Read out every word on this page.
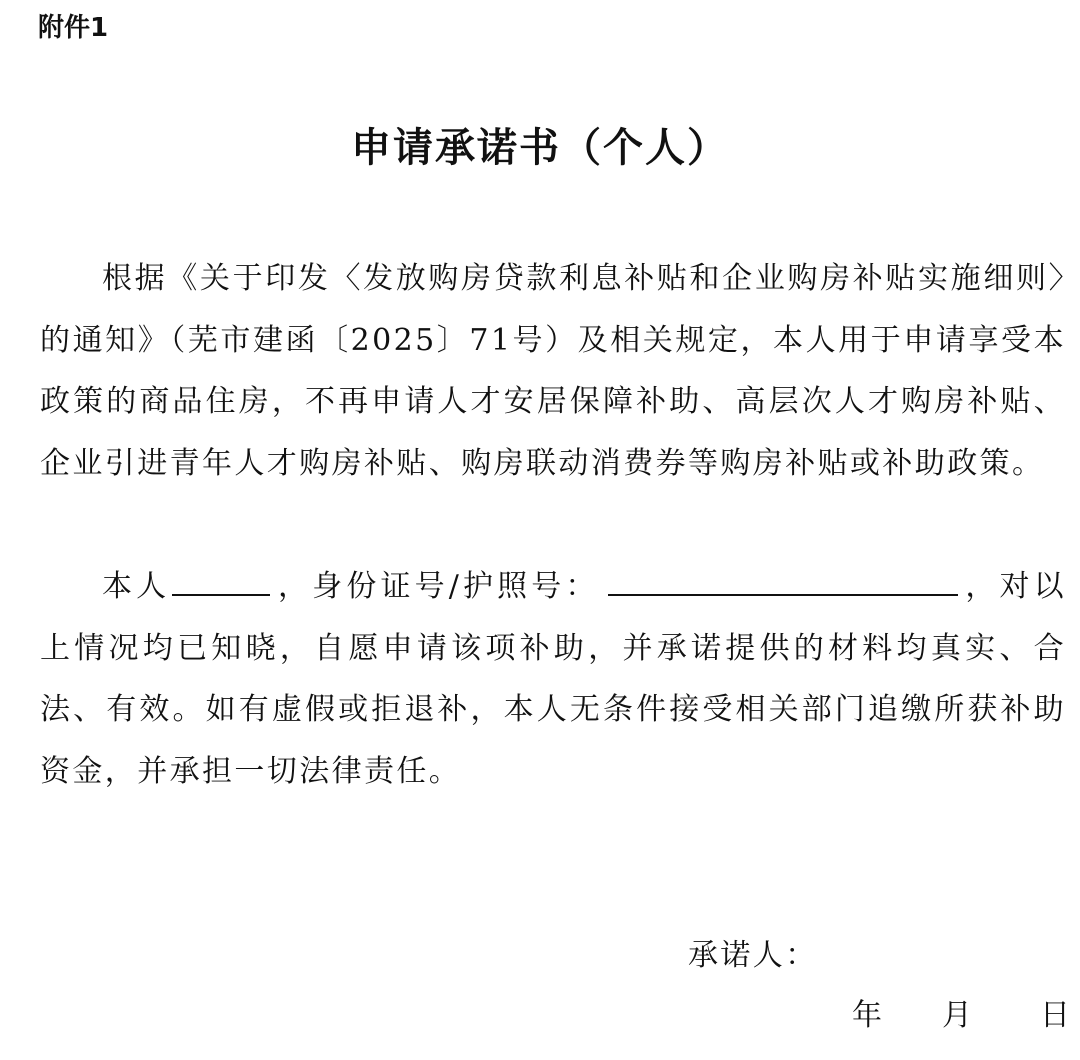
附件1
申请承诺书（个人）
根据《关于印发〈发放购房贷款利息补贴和企业购房补贴实施细则〉的通知》（芜市建函〔2025〕71号）及相关规定，本人用于申请享受本政策的商品住房，不再申请人才安居保障补助、高层次人才购房补贴、企业引进青年人才购房补贴、购房联动消费券等购房补贴或补助政策。
本人	，身份证号/护照号：	，对以上情况均已知晓，自愿申请该项补助，并承诺提供的材料均真实、合法、有效。如有虚假或拒退补，本人无条件接受相关部门追缴所获补助资金，并承担一切法律责任。
承诺人：
年 月 日
